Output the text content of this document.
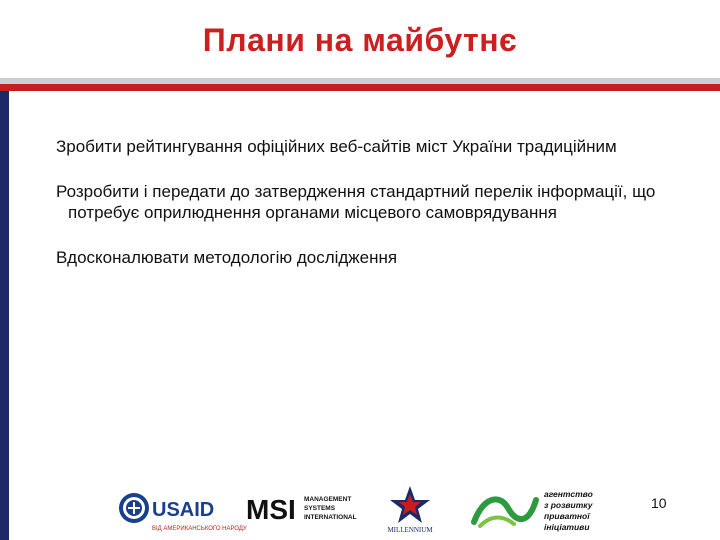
Плани на майбутнє
Зробити рейтингування офіційних веб-сайтів міст України традиційним
Розробити і передати до затвердження стандартний перелік інформації, що потребує оприлюднення органами місцевого самоврядування
Вдосконалювати методологію дослідження
USAID
ВІД АМЕРИКАНСЬКОГО НАРОДУ
MSI MANAGEMENT
SYSTEMS
INTERNATIONAL
MILLENNIUM
агентство
з розвитку
приватної
ініціативи
10
